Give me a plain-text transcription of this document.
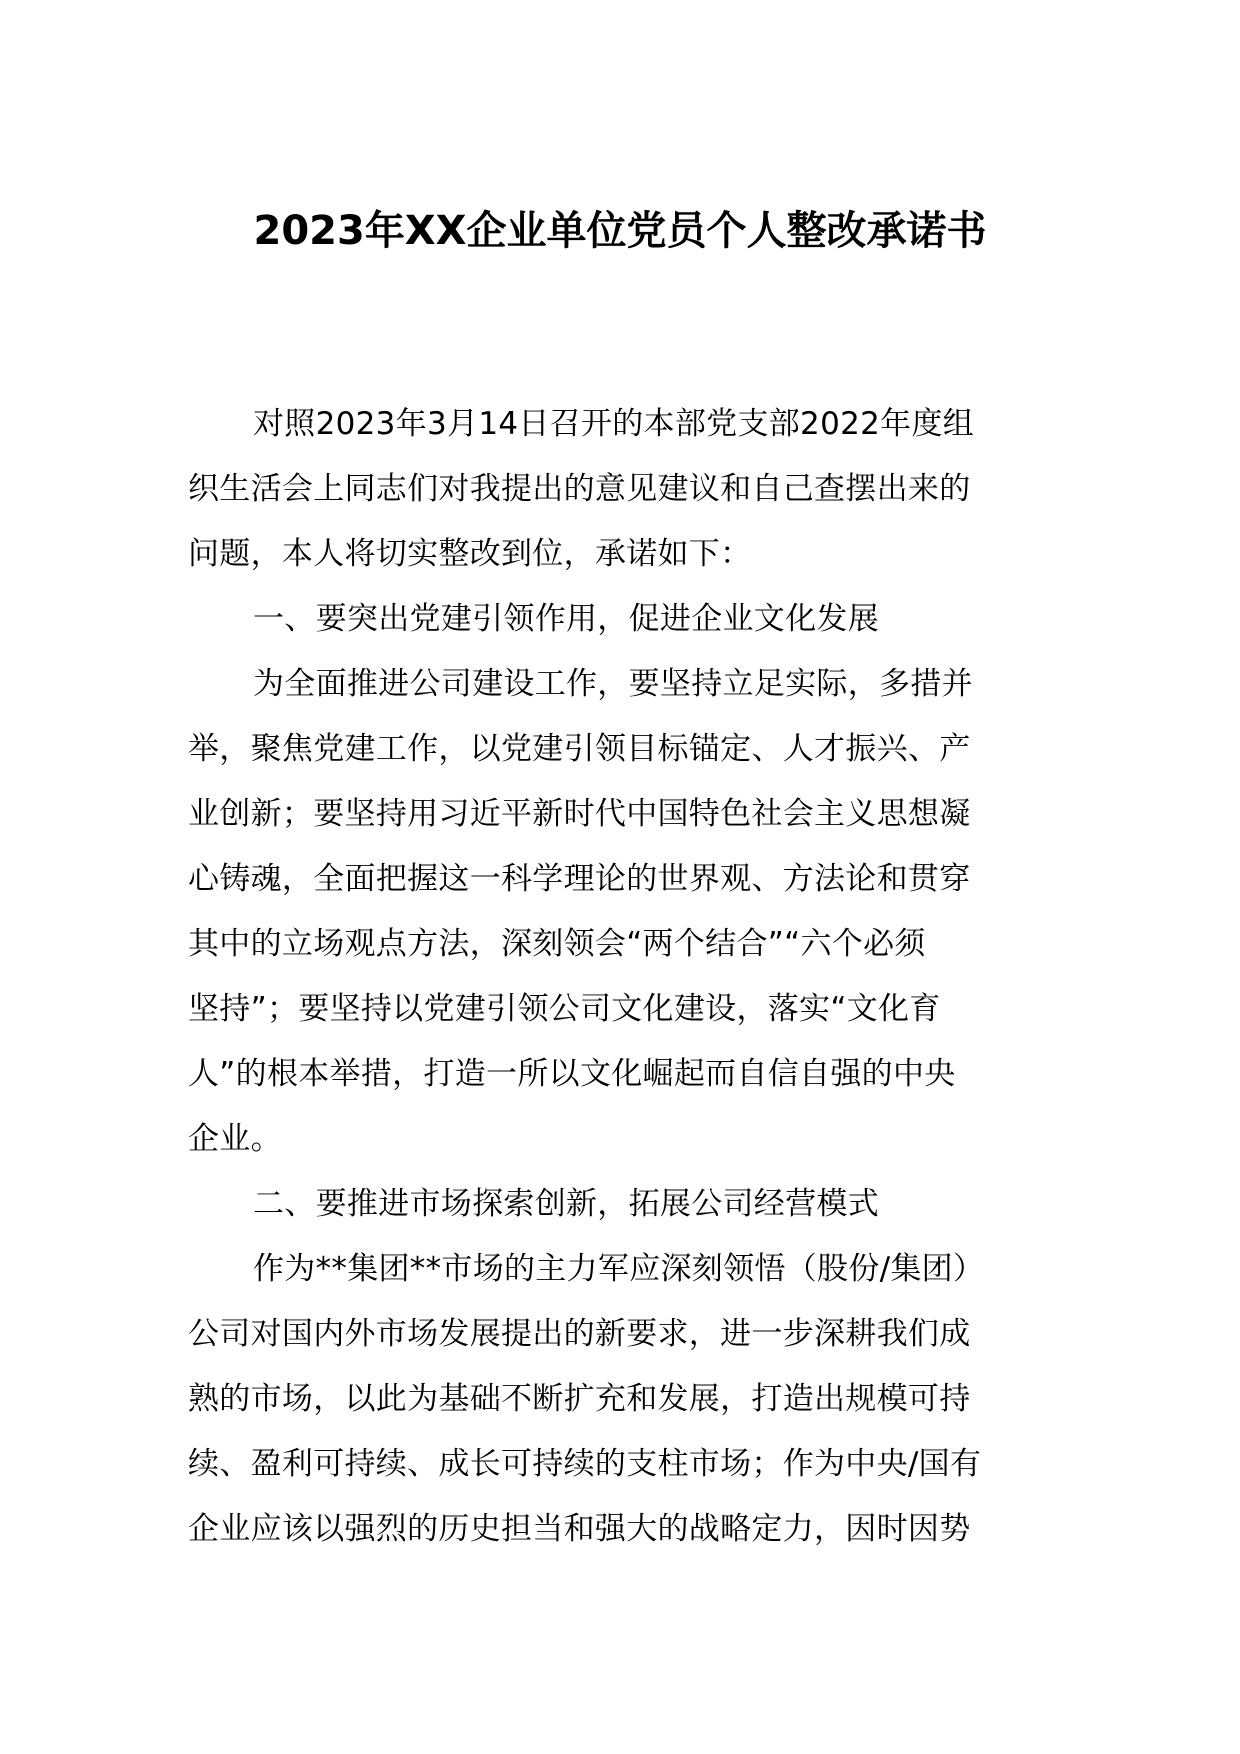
2023年XX企业单位党员个人整改承诺书
对照2023年3月14日召开的本部党支部2022年度组
织生活会上同志们对我提出的意见建议和自己查摆出来的
问题，本人将切实整改到位，承诺如下：
一、要突出党建引领作用，促进企业文化发展
为全面推进公司建设工作，要坚持立足实际，多措并
举，聚焦党建工作，以党建引领目标锚定、人才振兴、产
业创新；要坚持用习近平新时代中国特色社会主义思想凝
心铸魂，全面把握这一科学理论的世界观、方法论和贯穿
其中的立场观点方法，深刻领会“两个结合”“六个必须
坚持”；要坚持以党建引领公司文化建设，落实“文化育
人”的根本举措，打造一所以文化崛起而自信自强的中央
企业。
二、要推进市场探索创新，拓展公司经营模式
作为**集团**市场的主力军应深刻领悟（股份/集团）
公司对国内外市场发展提出的新要求，进一步深耕我们成
熟的市场，以此为基础不断扩充和发展，打造出规模可持
续、盈利可持续、成长可持续的支柱市场；作为中央/国有
企业应该以强烈的历史担当和强大的战略定力，因时因势
